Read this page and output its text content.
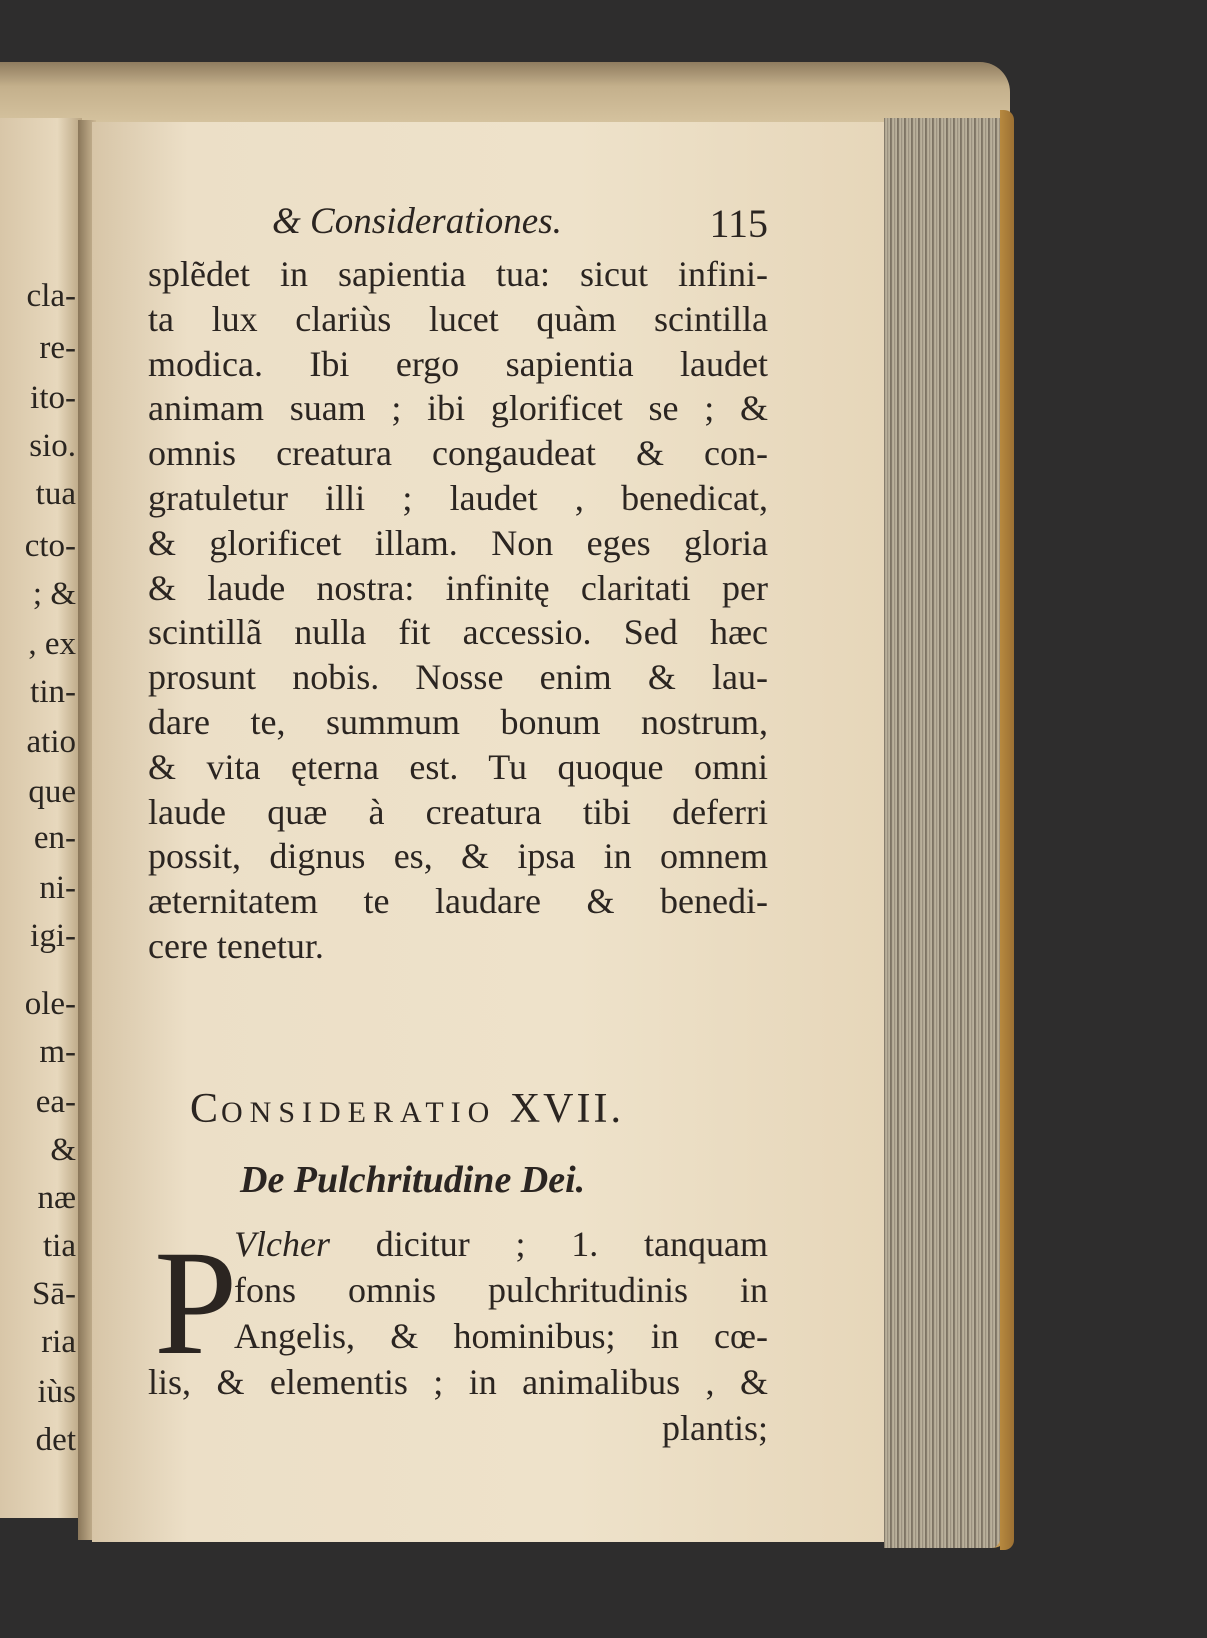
cla-
re-
ito-
sio.
tua
cto-
; &
, ex
tin-
atio
que
en-
ni-
igi-
ole-
m-
ea-
&
næ
tia
Sā-
ria
iùs
det
& Considerationes.	115
splẽdet in sapientia tua: sicut infini-
ta lux clariùs lucet quàm scintilla
modica. Ibi ergo sapientia laudet
animam suam ; ibi glorificet se ; &
omnis creatura congaudeat & con-
gratuletur illi ; laudet , benedicat,
& glorificet illam. Non eges gloria
& laude nostra: infinitę claritati per
scintillã nulla fit accessio. Sed hæc
prosunt nobis. Nosse enim & lau-
dare te, summum bonum nostrum,
& vita ęterna est. Tu quoque omni
laude quæ à creatura tibi deferri
possit, dignus es, & ipsa in omnem
æternitatem te laudare & benedi-
cere tenetur.
CONSIDERATIO XVII.
De Pulchritudine Dei.
P
Vlcher dicitur ; 1. tanquam
fons omnis pulchritudinis in
Angelis, & hominibus; in cœ-
lis, & elementis ; in animalibus , &
plantis;
